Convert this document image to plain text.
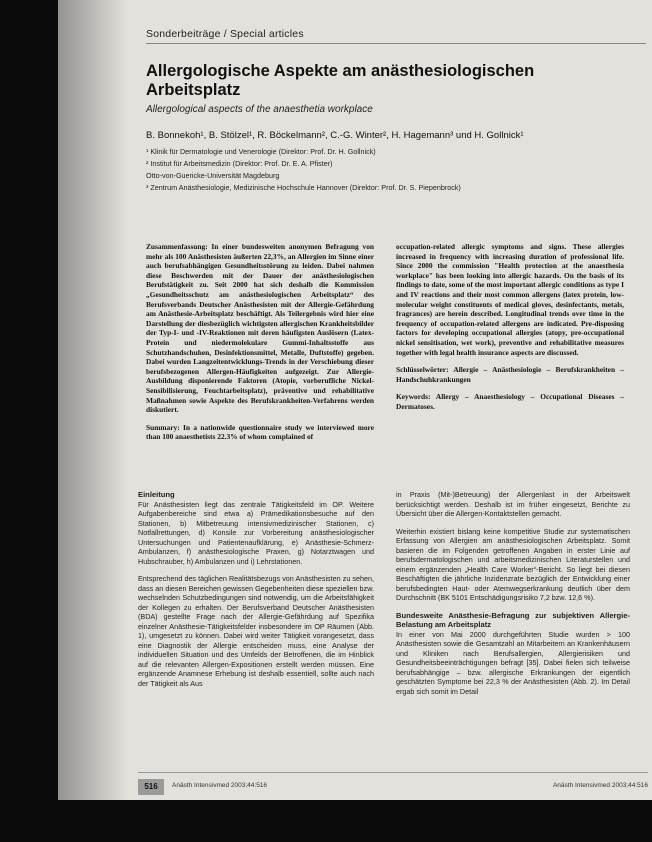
Sonderbeiträge / Special articles
Allergologische Aspekte am anästhesiologischen Arbeitsplatz
Allergological aspects of the anaesthetia workplace
B. Bonnekoh¹, B. Stölzel¹, R. Böckelmann², C.-G. Winter², H. Hagemann³ und H. Gollnick¹
¹ Klinik für Dermatologie und Venerologie (Direktor: Prof. Dr. H. Gollnick)
² Institut für Arbeitsmedizin (Direktor: Prof. Dr. E. A. Pfister)
Otto-von-Guericke-Universität Magdeburg
³ Zentrum Anästhesiologie, Medizinische Hochschule Hannover (Direktor: Prof. Dr. S. Piepenbrock)

Zusammenfassung: In einer bundesweiten anonymen Befragung von mehr als 100 Anästhesisten äußerten 22,3%, an Allergien im Sinne einer auch berufsabhängigen Gesundheitsstörung zu leiden. Dabei nahmen diese Beschwerden mit der Dauer der anästhesiologischen Berufstätigkeit zu. Seit 2000 hat sich deshalb die Kommission „Gesundheitsschutz am anästhesiologischen Arbeitsplatz“ des Berufsverbands Deutscher Anästhesisten mit der Allergie-Gefährdung am Anästhesie-Arbeitsplatz beschäftigt. Als Teilergebnis wird hier eine Darstellung der diesbezüglich wichtigsten allergischen Krankheitsbilder der Typ-I- und -IV-Reaktionen mit deren häufigsten Auslösern (Latex-Protein und niedermolekulare Gummi-Inhaltsstoffe aus Schutzhandschuhen, Desinfektionsmittel, Metalle, Duftstoffe) gegeben. Dabei wurden Langzeitentwicklungs-Trends in der Verschiebung dieser berufsbezogenen Allergen-Häufigkeiten aufgezeigt. Zur Allergie-Ausbildung disponierende Faktoren (Atopie, vorberufliche Nickel-Sensibilisierung, Feuchtarbeitsplatz), präventive und rehabilitative Maßnahmen sowie Aspekte des Berufskrankheiten-Verfahrens werden diskutiert.

Summary: In a nationwide questionnaire study we interviewed more than 100 anaesthetists 22.3% of whom complained of

occupation-related allergic symptoms and signs. These allergies increased in frequency with increasing duration of professional life. Since 2000 the commission "Health protection at the anaesthesia workplace" has been looking into allergic hazards. On the basis of its findings to date, some of the most important allergic conditions as type I and IV reactions and their most common allergens (latex protein, low-molecular weight constituents of medical gloves, desinfectants, metals, fragrances) are herein described. Longitudinal trends over time in the frequency of occupation-related allergens are indicated. Pre-disposing factors for developing occupational allergies (atopy, pre-occupational nickel sensitisation, wet work), preventive and rehabilitative measures together with legal health insurance aspects are discussed.

Schlüsselwörter: Allergie – Anästhesiologie – Berufskrankheiten – Handschuhkrankungen

Keywords: Allergy – Anaesthesiology – Occupational Diseases – Dermatoses.

Einleitung

Für Anästhesisten liegt das zentrale Tätigkeitsfeld im OP. Weitere Aufgabenbereiche sind etwa a) Prämedikationsbesuche auf den Stationen, b) Mitbetreuung intensivmedizinischer Stationen, c) Notfallrettungen, d) Konsile zur Vorbereitung anästhesiologischer Untersuchungen und Patientenaufklärung, e) Anästhesie-Schmerz-Ambulanzen, f) anästhesiologische Praxen, g) Notarztwagen und Hubschrauber, h) Ambulanzen und i) Lehrstationen.

Entsprechend des täglichen Realitätsbezugs von Anästhesisten zu sehen, dass an diesen Bereichen gewissen Gegebenheiten diese speziellen bzw. wechselnden Schutzbedingungen sind notwendig, um die Arbeitsfähigkeit der Kollegen zu erhalten. Der Berufsverband Deutscher Anästhesisten (BDA) gestellte Frage nach der Allergie-Gefährdung auf Spezifika einzelner Anästhesie-Tätigkeitsfelder insbesondere im OP Räumen (Abb. 1), umgesetzt zu können. Dabei wird weiter Tätigkeit vorangesetzt, dass eine Diagnostik der Allergie entscheiden muss, eine Analyse der individuellen Situation und des Umfelds der Betroffenen, die im Hinblick auf die relevanten Allergen-Expositionen erstellt werden müssen. Eine ergänzende Anamnese Erhebung ist deshalb essentiell, sollte auch nach der Tätigkeit als Aus

in Praxis (Mit-)Betreuung) der Allergenlast in der Arbeitswelt berücksichtigt werden. Deshalb ist im früher eingesetzt, Berichte zu Übersicht über die Allergen-Kontaktstellen gemacht.

Weiterhin existiert bislang keine kompetitive Studie zur systematischen Erfassung von Allergien am anästhesiologischen Arbeitsplatz. Somit basieren die im Folgenden getroffenen Angaben in erster Linie auf berufsdermatologischen und arbeitsmedizinischen Literaturstellen und einem ergänzenden „Health Care Worker“-Bericht. So liegt bei diesen Beschäftigten die jährliche Inzidenzrate bezüglich der Entwicklung einer berufsbedingten Haut- oder Atemwegserkrankung deutlich über dem Durchschnitt (BK 5101 Entschädigungsrisiko 7,2 bzw. 12,6 %).

Bundesweite Anästhesie-Befragung zur subjektiven Allergie-Belastung am Arbeitsplatz

In einer von Mai 2000 durchgeführten Studie wurden > 100 Anästhesisten sowie die Gesamtzahl an Mitarbeitern an Krankenhäusern und Kliniken nach Berufsallergien, Allergierisiken und Gesundheitsbeeinträchtigungen befragt [35]. Dabei fielen sich teilweise berufsabhängige – bzw. allergische Erkrankungen der eigentlich geschätzten Symptome bei 22,3 % der Anästhesisten (Abb. 2). Im Detail ergab sich somit im Detail

516	Anästh Intensivmed 2003;44:516	Anästh Intensivmed 2003;44:516
